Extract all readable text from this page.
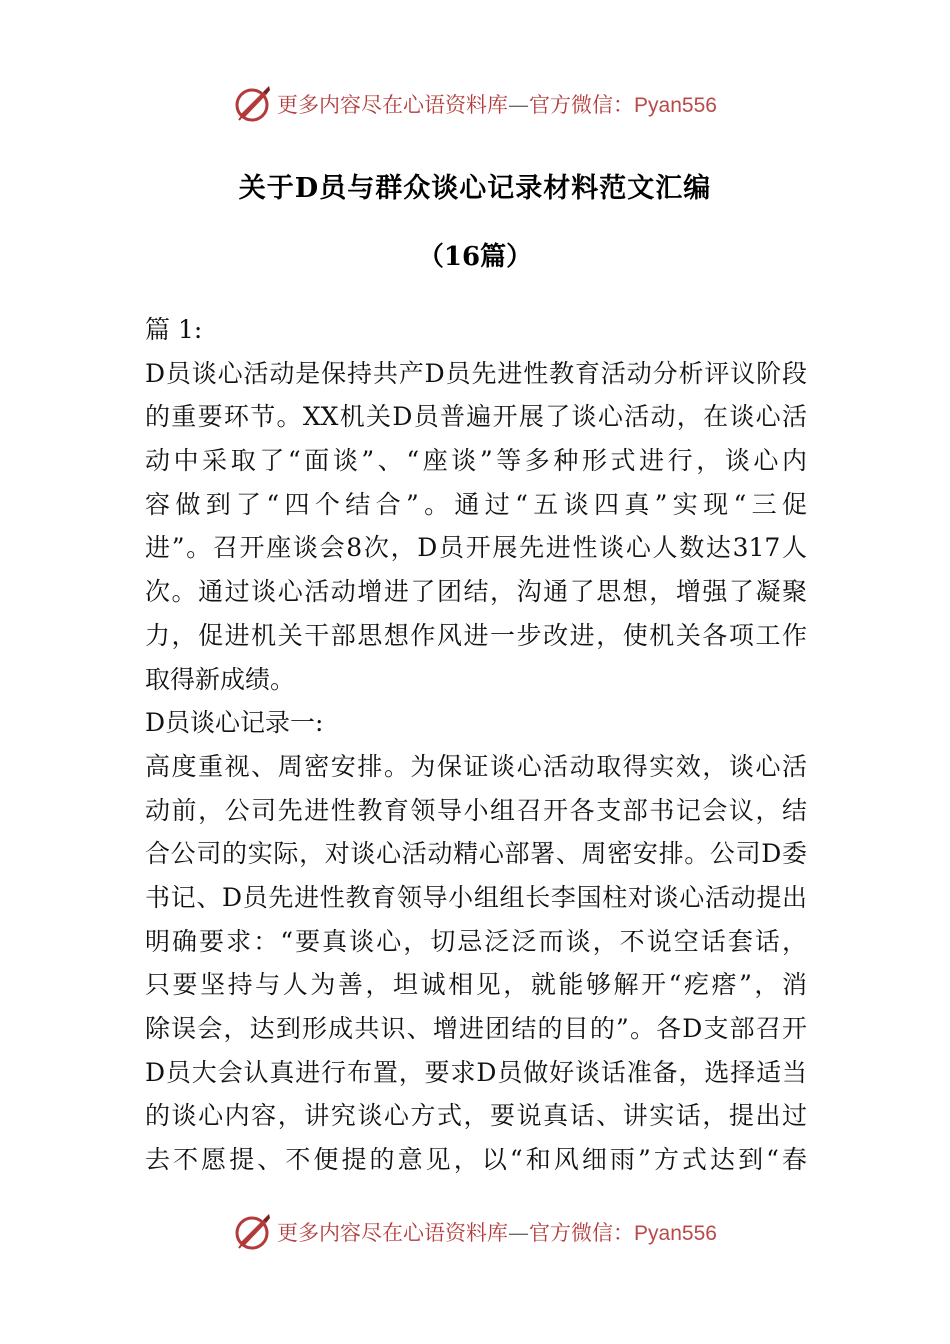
更多内容尽在心语资料库—官方微信：Pyan556
关于D员与群众谈心记录材料范文汇编
（16篇）
篇 1:
D员谈心活动是保持共产D员先进性教育活动分析评议阶段
的重要环节。XX机关D员普遍开展了谈心活动，在谈心活
动中采取了“面谈”、“座谈”等多种形式进行，谈心内
容做到了“四个结合”。通过“五谈四真”实现“三促
进”。召开座谈会8次，D员开展先进性谈心人数达317人
次。通过谈心活动增进了团结，沟通了思想，增强了凝聚
力，促进机关干部思想作风进一步改进，使机关各项工作
取得新成绩。
D员谈心记录一:
高度重视、周密安排。为保证谈心活动取得实效，谈心活
动前，公司先进性教育领导小组召开各支部书记会议，结
合公司的实际，对谈心活动精心部署、周密安排。公司D委
书记、D员先进性教育领导小组组长李国柱对谈心活动提出
明确要求：“要真谈心，切忌泛泛而谈，不说空话套话，
只要坚持与人为善，坦诚相见，就能够解开“疙瘩”，消
除误会，达到形成共识、增进团结的目的”。各D支部召开
D员大会认真进行布置，要求D员做好谈话准备，选择适当
的谈心内容，讲究谈心方式，要说真话、讲实话，提出过
去不愿提、不便提的意见，以“和风细雨”方式达到“春
更多内容尽在心语资料库—官方微信：Pyan556
